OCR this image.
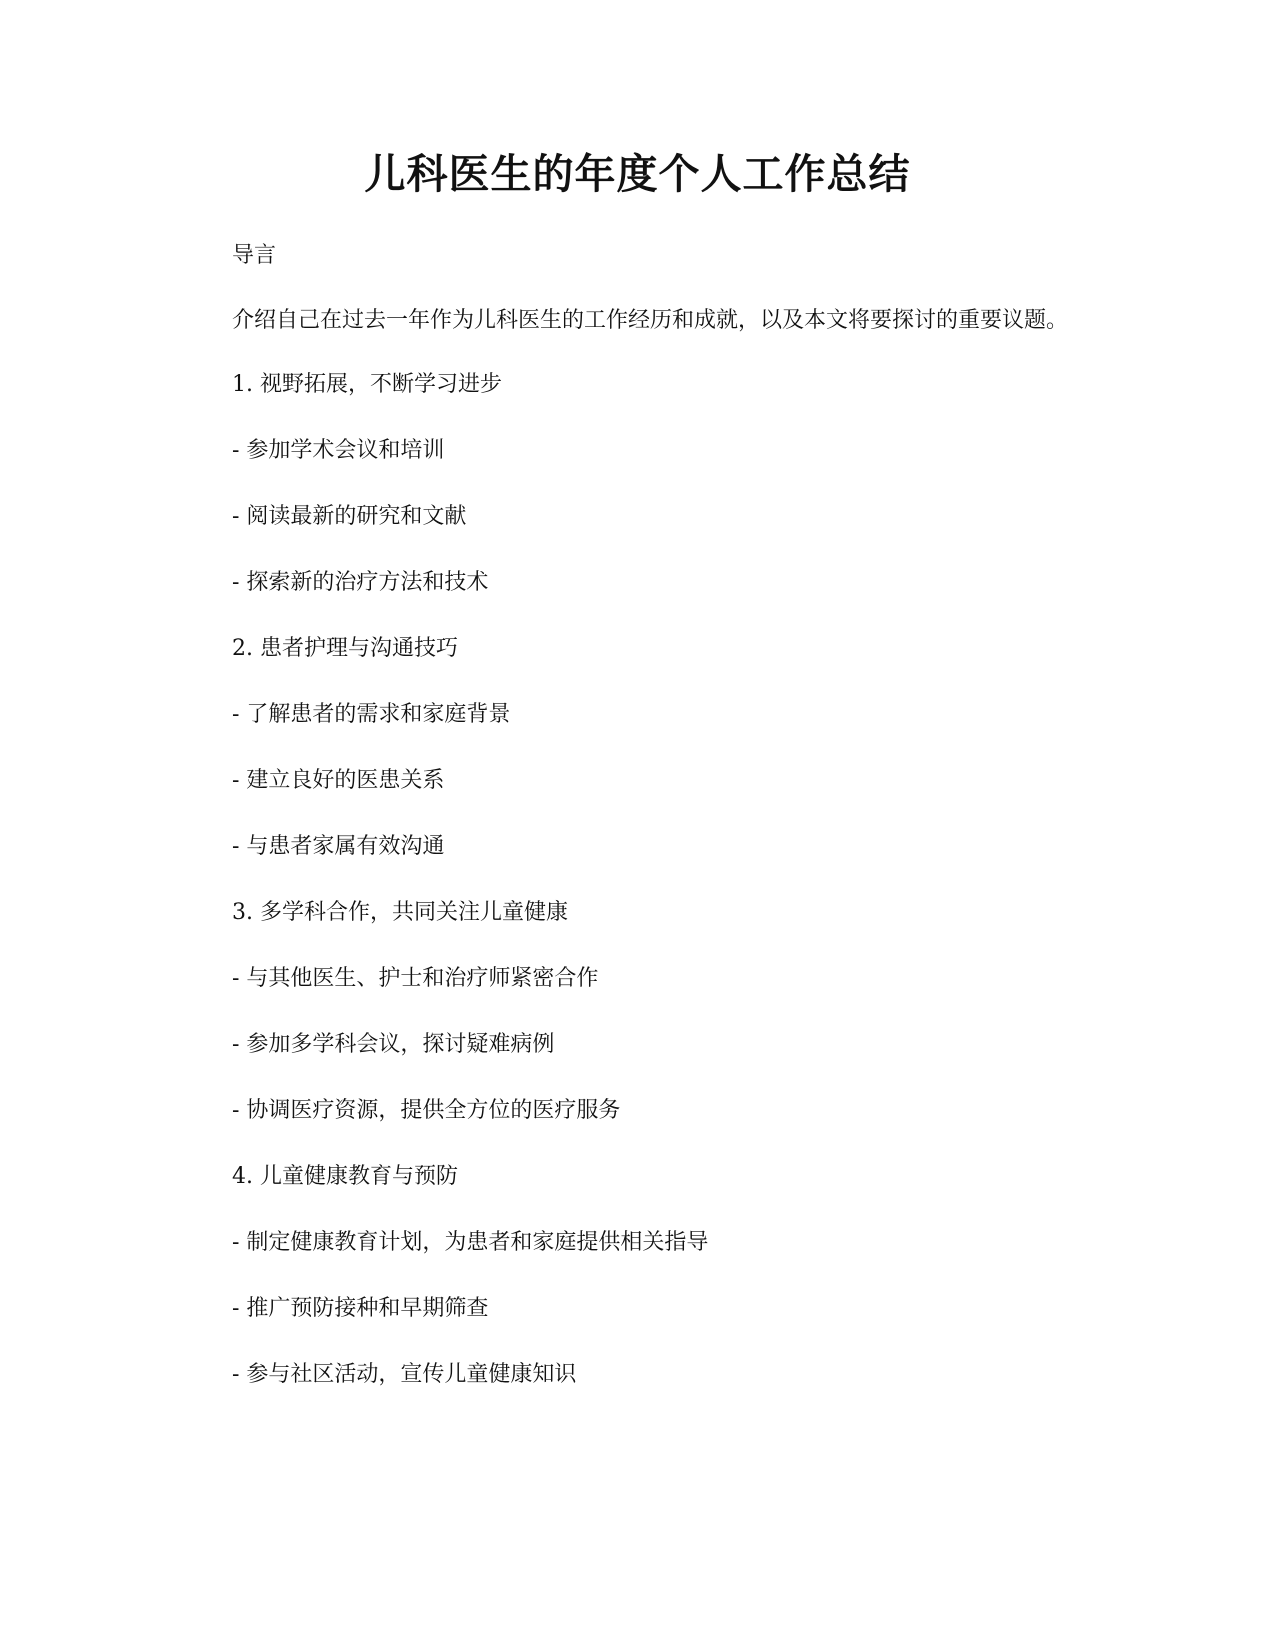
儿科医生的年度个人工作总结

导言

介绍自己在过去一年作为儿科医生的工作经历和成就，以及本文将要探讨的重要议题。

1. 视野拓展，不断学习进步

- 参加学术会议和培训

- 阅读最新的研究和文献

- 探索新的治疗方法和技术

2. 患者护理与沟通技巧

- 了解患者的需求和家庭背景

- 建立良好的医患关系

- 与患者家属有效沟通

3. 多学科合作，共同关注儿童健康

- 与其他医生、护士和治疗师紧密合作

- 参加多学科会议，探讨疑难病例

- 协调医疗资源，提供全方位的医疗服务

4. 儿童健康教育与预防

- 制定健康教育计划，为患者和家庭提供相关指导

- 推广预防接种和早期筛查

- 参与社区活动，宣传儿童健康知识
